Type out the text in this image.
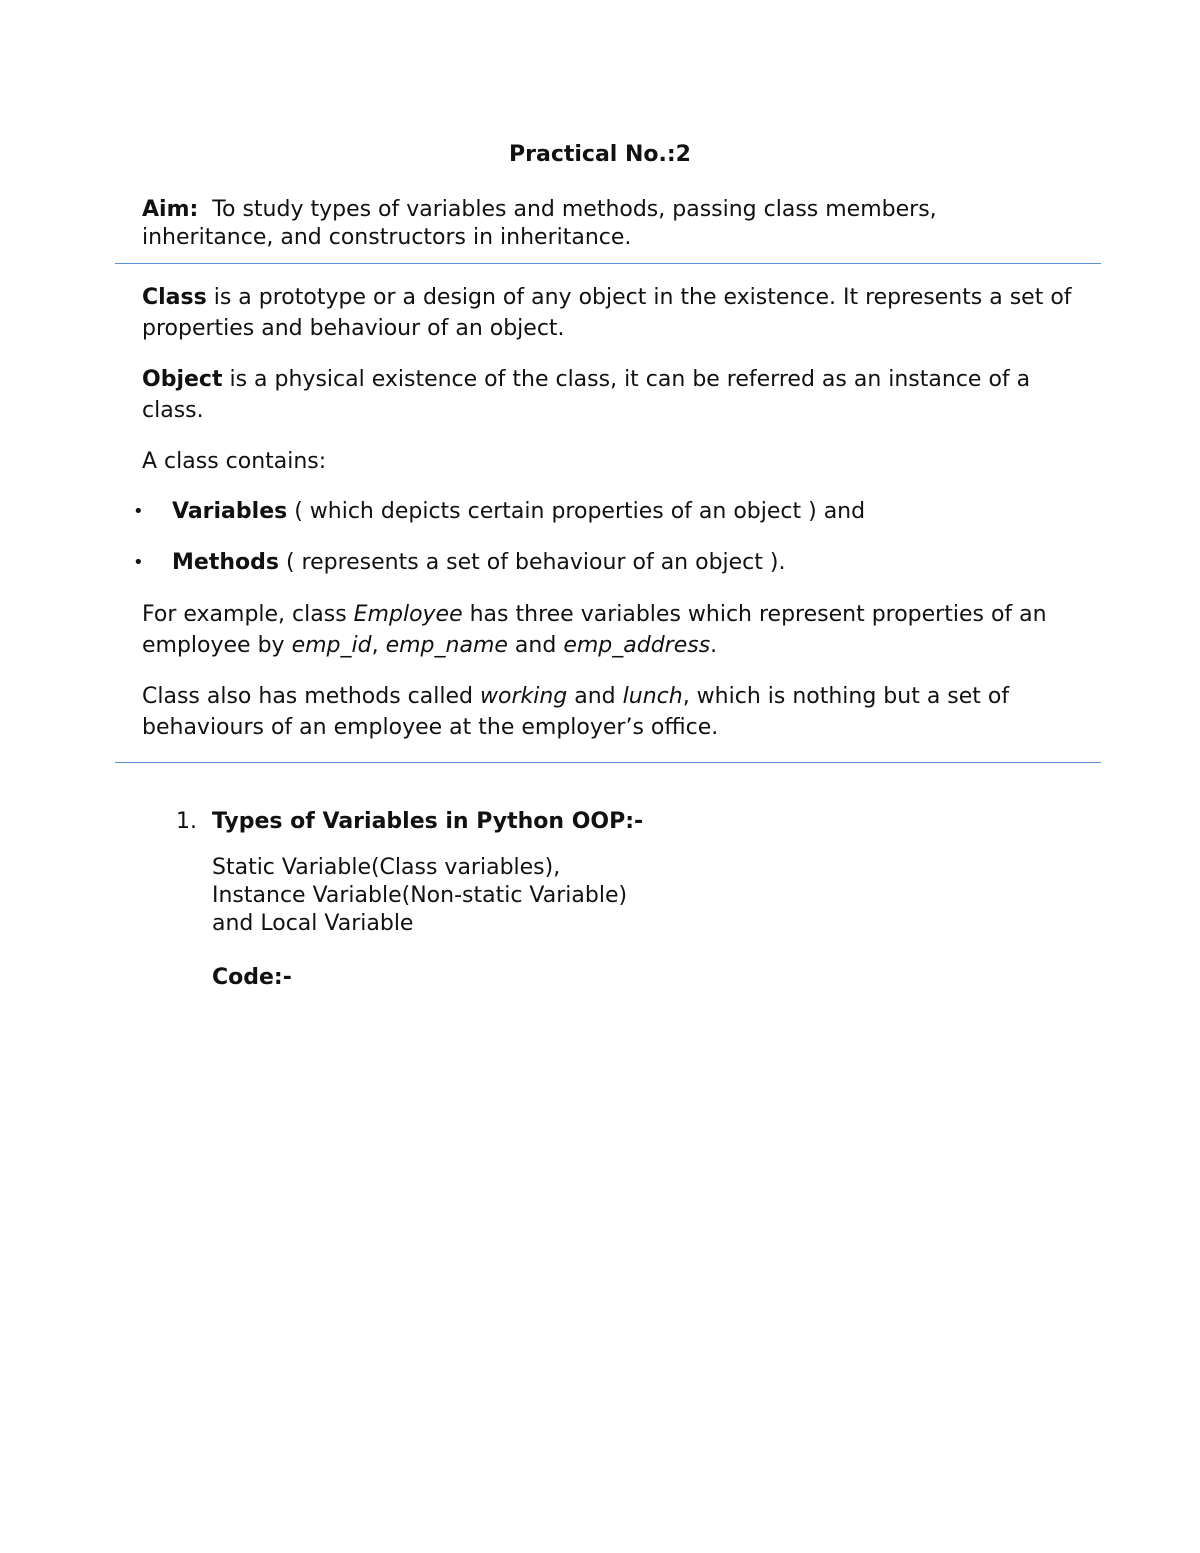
Practical No.:2

Aim: To study types of variables and methods, passing class members, inheritance, and constructors in inheritance.

Class is a prototype or a design of any object in the existence. It represents a set of properties and behaviour of an object.

Object is a physical existence of the class, it can be referred as an instance of a class.

A class contains:

• Variables ( which depicts certain properties of an object ) and
• Methods ( represents a set of behaviour of an object ).

For example, class Employee has three variables which represent properties of an employee by emp_id, emp_name and emp_address.

Class also has methods called working and lunch, which is nothing but a set of behaviours of an employee at the employer’s office.

1. Types of Variables in Python OOP:-
Static Variable(Class variables),
Instance Variable(Non-static Variable)
and Local Variable

Code:-
